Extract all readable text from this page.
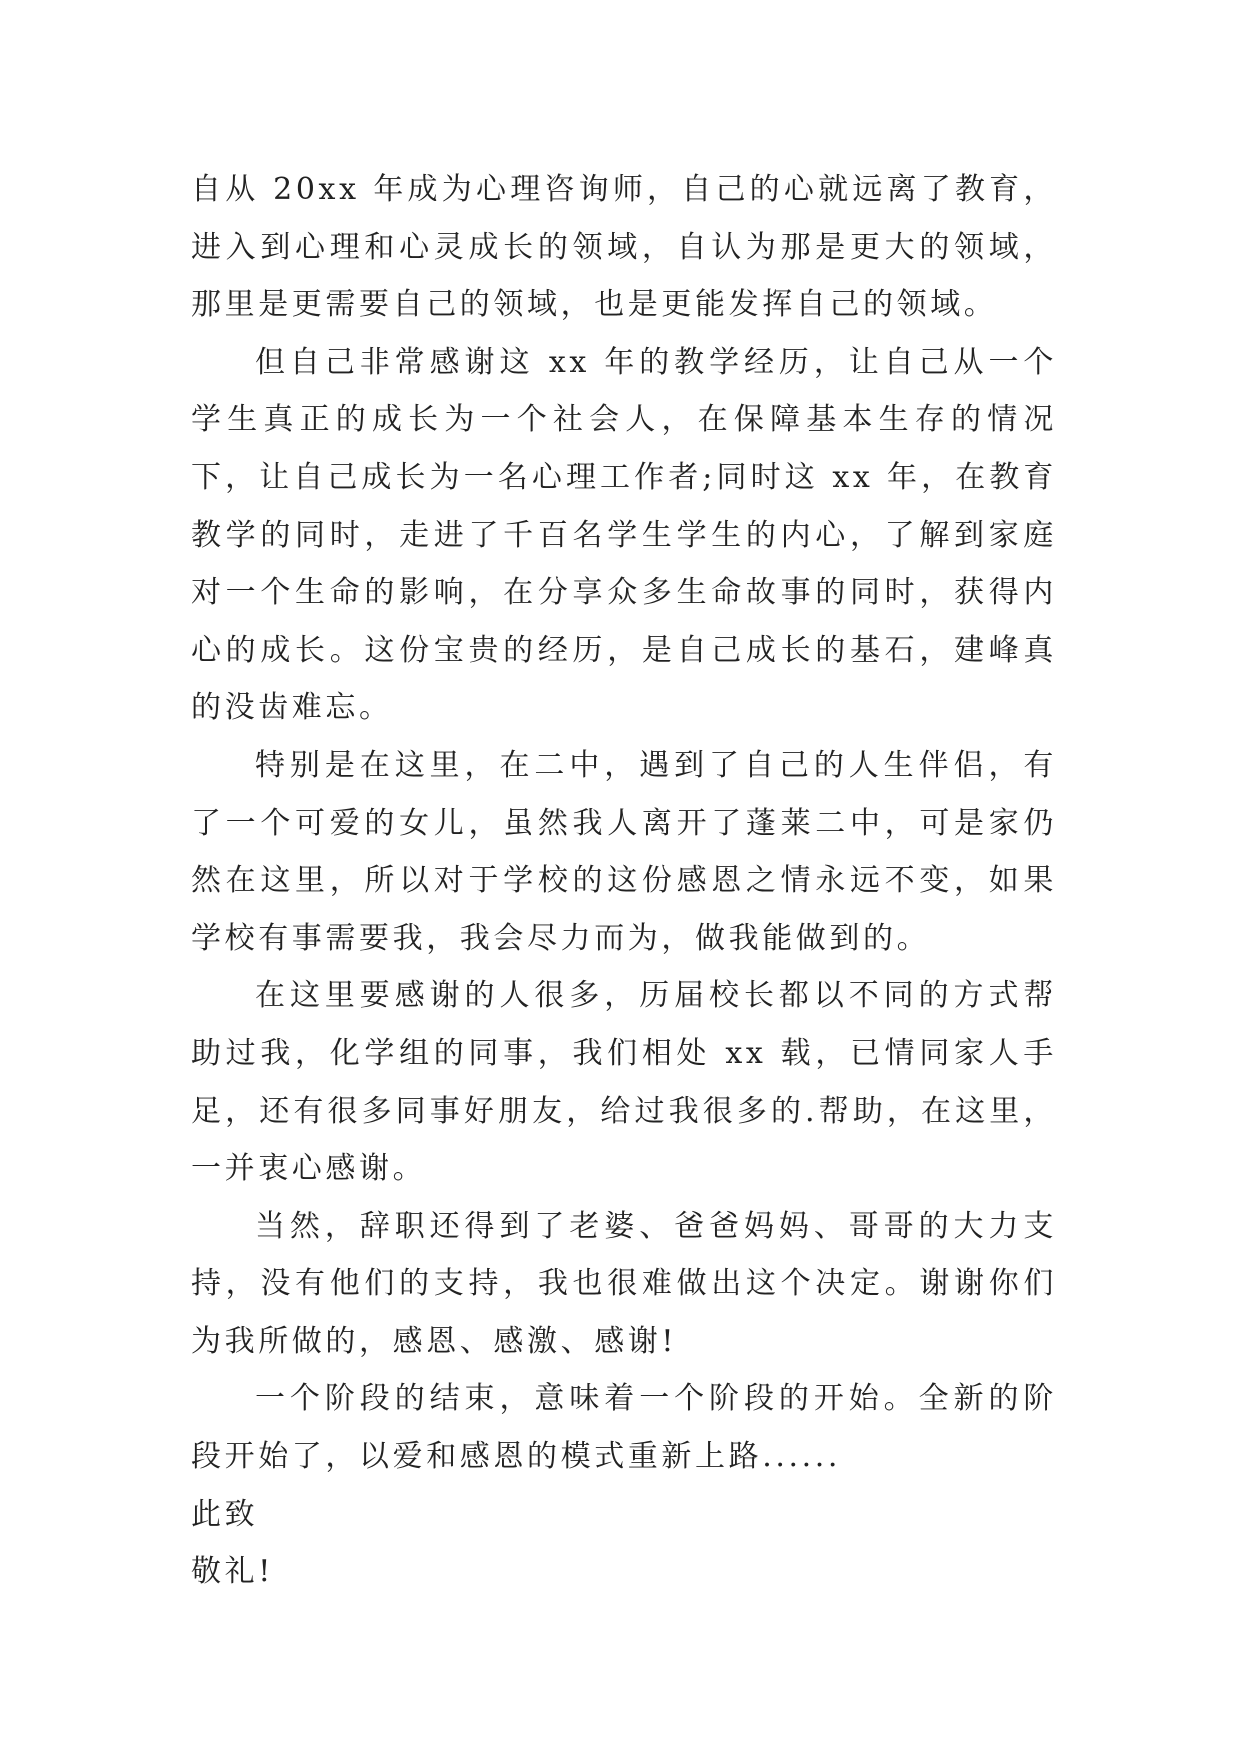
自从 20xx 年成为心理咨询师，自己的心就远离了教育，进入到心理和心灵成长的领域，自认为那是更大的领域，那里是更需要自己的领域，也是更能发挥自己的领域。

但自己非常感谢这 xx 年的教学经历，让自己从一个学生真正的成长为一个社会人，在保障基本生存的情况下，让自己成长为一名心理工作者;同时这 xx 年，在教育教学的同时，走进了千百名学生学生的内心，了解到家庭对一个生命的影响，在分享众多生命故事的同时，获得内心的成长。这份宝贵的经历，是自己成长的基石，建峰真的没齿难忘。

特别是在这里，在二中，遇到了自己的人生伴侣，有了一个可爱的女儿，虽然我人离开了蓬莱二中，可是家仍然在这里，所以对于学校的这份感恩之情永远不变，如果学校有事需要我，我会尽力而为，做我能做到的。

在这里要感谢的人很多，历届校长都以不同的方式帮助过我，化学组的同事，我们相处 xx 载，已情同家人手足，还有很多同事好朋友，给过我很多的.帮助，在这里，一并衷心感谢。

当然，辞职还得到了老婆、爸爸妈妈、哥哥的大力支持，没有他们的支持，我也很难做出这个决定。谢谢你们为我所做的，感恩、感激、感谢!

一个阶段的结束，意味着一个阶段的开始。全新的阶段开始了，以爱和感恩的模式重新上路......

此致

敬礼!
